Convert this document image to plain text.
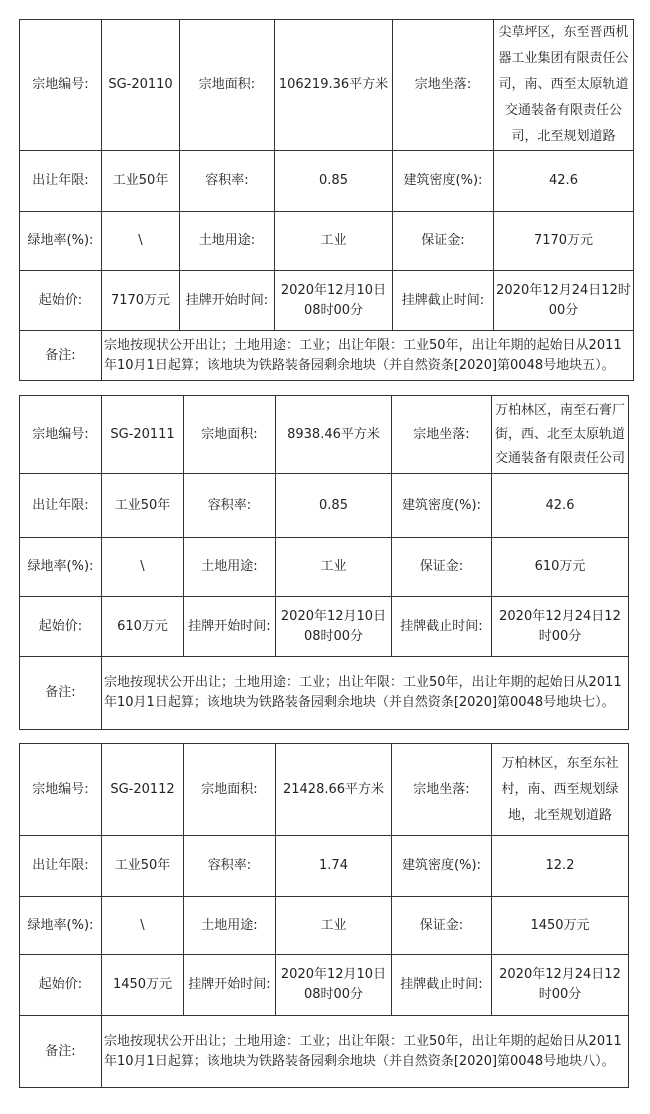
宗地编号:	SG-20110	宗地面积:	106219.36平方米	宗地坐落:	尖草坪区，东至晋西机器工业集团有限责任公司，南、西至太原轨道交通装备有限责任公司，北至规划道路
出让年限:	工业50年	容积率:	0.85	建筑密度(%):	42.6
绿地率(%):	\	土地用途:	工业	保证金:	7170万元
起始价:	7170万元	挂牌开始时间:	2020年12月10日08时00分	挂牌截止时间:	2020年12月24日12时00分
备注:	宗地按现状公开出让；土地用途：工业；出让年限：工业50年，出让年期的起始日从2011年10月1日起算；该地块为铁路装备园剩余地块（并自然资条[2020]第0048号地块五）。				
宗地编号:	SG-20111	宗地面积:	8938.46平方米	宗地坐落:	万柏林区，南至石膏厂街，西、北至太原轨道交通装备有限责任公司
出让年限:	工业50年	容积率:	0.85	建筑密度(%):	42.6
绿地率(%):	\	土地用途:	工业	保证金:	610万元
起始价:	610万元	挂牌开始时间:	2020年12月10日08时00分	挂牌截止时间:	2020年12月24日12时00分
备注:	宗地按现状公开出让；土地用途：工业；出让年限：工业50年，出让年期的起始日从2011年10月1日起算；该地块为铁路装备园剩余地块（并自然资条[2020]第0048号地块七）。				
宗地编号:	SG-20112	宗地面积:	21428.66平方米	宗地坐落:	万柏林区，东至东社村，南、西至规划绿地，北至规划道路
出让年限:	工业50年	容积率:	1.74	建筑密度(%):	12.2
绿地率(%):	\	土地用途:	工业	保证金:	1450万元
起始价:	1450万元	挂牌开始时间:	2020年12月10日08时00分	挂牌截止时间:	2020年12月24日12时00分
备注:	宗地按现状公开出让；土地用途：工业；出让年限：工业50年，出让年期的起始日从2011年10月1日起算；该地块为铁路装备园剩余地块（并自然资条[2020]第0048号地块八）。				
